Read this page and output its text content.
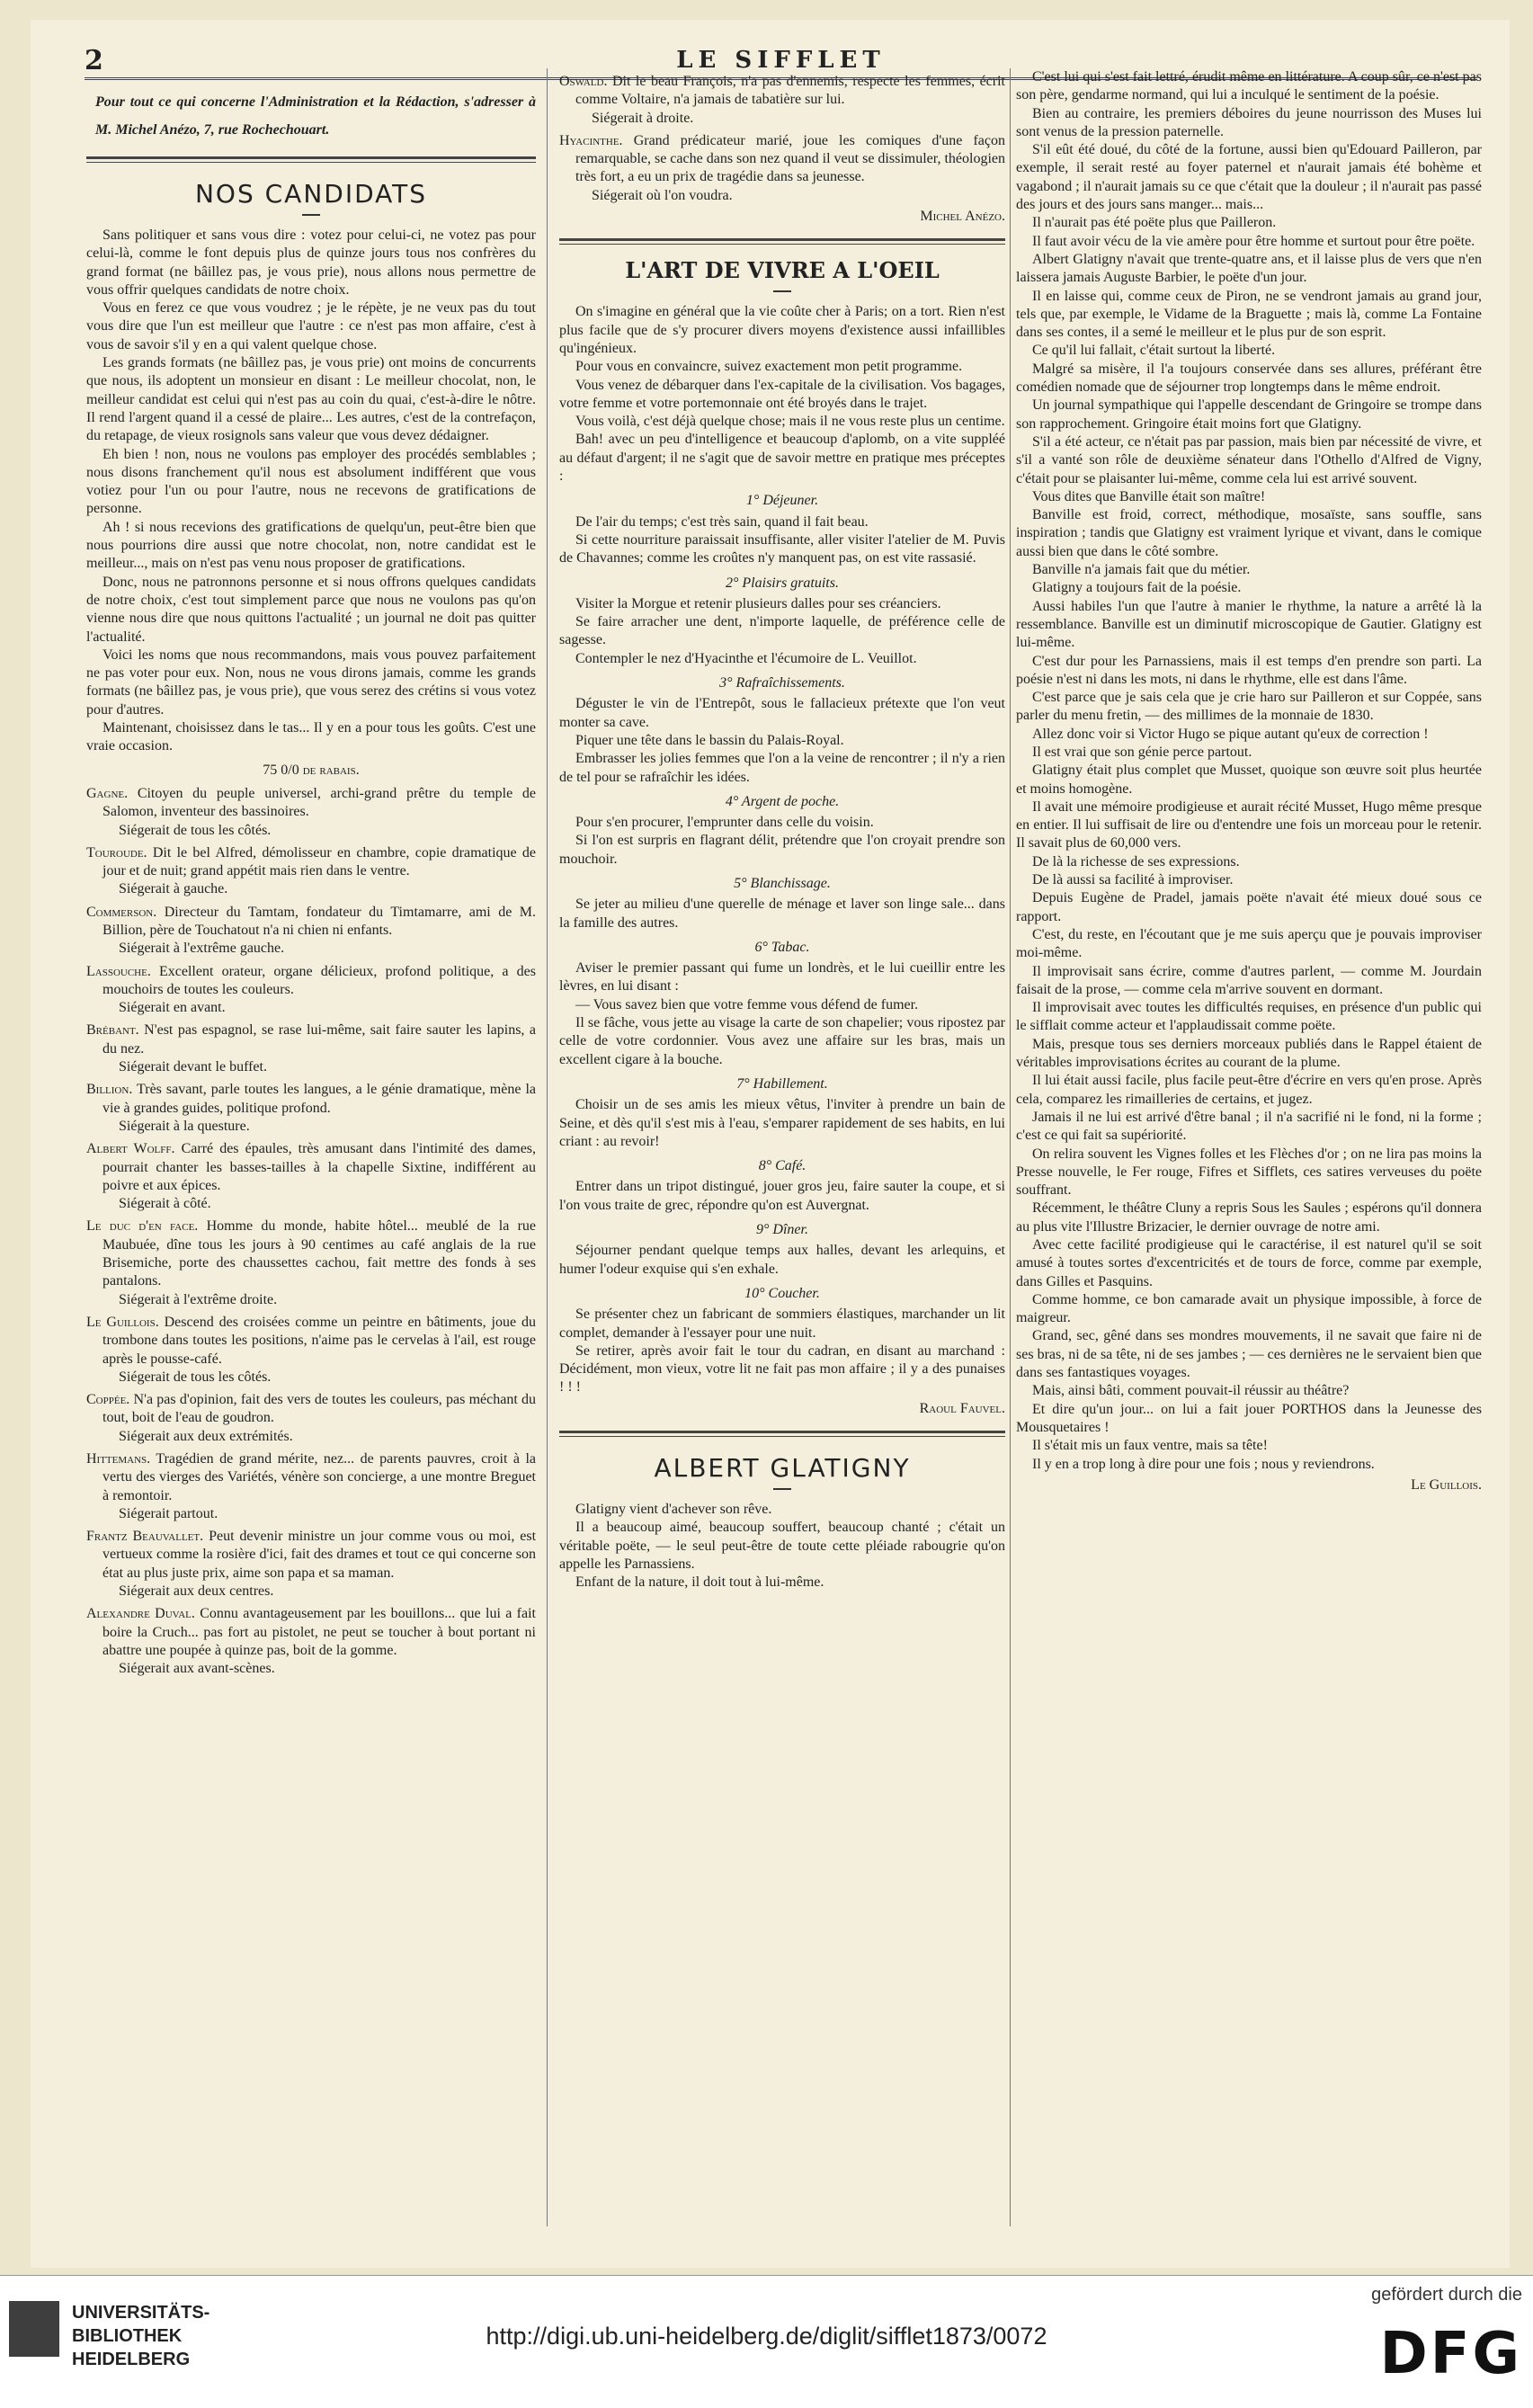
2	LE SIFFLET

Pour tout ce qui concerne l'Administration et la Rédaction, s'adresser à M. Michel Anézo, 7, rue Rochechouart.

NOS CANDIDATS

Sans politiquer et sans vous dire : votez pour celui-ci, ne votez pas pour celui-là, comme le font depuis plus de quinze jours tous nos confrères du grand format (ne bâillez pas, je vous prie), nous allons nous permettre de vous offrir quelques candidats de notre choix.

Vous en ferez ce que vous voudrez ; je le répète, je ne veux pas du tout vous dire que l'un est meilleur que l'autre : ce n'est pas mon affaire, c'est à vous de savoir s'il y en a qui valent quelque chose.

Les grands formats (ne bâillez pas, je vous prie) ont moins de concurrents que nous, ils adoptent un monsieur en disant : Le meilleur chocolat, non, le meilleur candidat est celui qui n'est pas au coin du quai, c'est-à-dire le nôtre. Il rend l'argent quand il a cessé de plaire... Les autres, c'est de la contrefaçon, du retapage, de vieux rosignols sans valeur que vous devez dédaigner.

Eh bien ! non, nous ne voulons pas employer des procédés semblables ; nous disons franchement qu'il nous est absolument indifférent que vous votiez pour l'un ou pour l'autre, nous ne recevons de gratifications de personne.

Ah ! si nous recevions des gratifications de quelqu'un, peut-être bien que nous pourrions dire aussi que notre chocolat, non, notre candidat est le meilleur..., mais on n'est pas venu nous proposer de gratifications.

Donc, nous ne patronnons personne et si nous offrons quelques candidats de notre choix, c'est tout simplement parce que nous ne voulons pas qu'on vienne nous dire que nous quittons l'actualité ; un journal ne doit pas quitter l'actualité.

Voici les noms que nous recommandons, mais vous pouvez parfaitement ne pas voter pour eux. Non, nous ne vous dirons jamais, comme les grands formats (ne bâillez pas, je vous prie), que vous serez des crétins si vous votez pour d'autres.

Maintenant, choisissez dans le tas... Il y en a pour tous les goûts. C'est une vraie occasion.

75 0/0 de rabais.

Gagne. Citoyen du peuple universel, archi-grand prêtre du temple de Salomon, inventeur des bassinoires.

Siégerait de tous les côtés.

Touroude. Dit le bel Alfred, démolisseur en chambre, copie dramatique de jour et de nuit; grand appétit mais rien dans le ventre.

Siégerait à gauche.

Commerson. Directeur du Tamtam, fondateur du Timtamarre, ami de M. Billion, père de Touchatout n'a ni chien ni enfants.

Siégerait à l'extrême gauche.

Lassouche. Excellent orateur, organe délicieux, profond politique, a des mouchoirs de toutes les couleurs.

Siégerait en avant.

Brébant. N'est pas espagnol, se rase lui-même, sait faire sauter les lapins, a du nez.

Siégerait devant le buffet.

Billion. Très savant, parle toutes les langues, a le génie dramatique, mène la vie à grandes guides, politique profond.

Siégerait à la questure.

Albert Wolff. Carré des épaules, très amusant dans l'intimité des dames, pourrait chanter les basses-tailles à la chapelle Sixtine, indifférent au poivre et aux épices.

Siégerait à côté.

Le duc d'en face. Homme du monde, habite hôtel... meublé de la rue Maubuée, dîne tous les jours à 90 centimes au café anglais de la rue Brisemiche, porte des chaussettes cachou, fait mettre des fonds à ses pantalons.

Siégerait à l'extrême droite.

Le Guillois. Descend des croisées comme un peintre en bâtiments, joue du trombone dans toutes les positions, n'aime pas le cervelas à l'ail, est rouge après le pousse-café.

Siégerait de tous les côtés.

Coppée. N'a pas d'opinion, fait des vers de toutes les couleurs, pas méchant du tout, boit de l'eau de goudron.

Siégerait aux deux extrémités.

Hittemans. Tragédien de grand mérite, nez... de parents pauvres, croit à la vertu des vierges des Variétés, vénère son concierge, a une montre Breguet à remontoir.

Siégerait partout.

Frantz Beauvallet. Peut devenir ministre un jour comme vous ou moi, est vertueux comme la rosière d'ici, fait des drames et tout ce qui concerne son état au plus juste prix, aime son papa et sa maman.

Siégerait aux deux centres.

Alexandre Duval. Connu avantageusement par les bouillons... que lui a fait boire la Cruch... pas fort au pistolet, ne peut se toucher à bout portant ni abattre une poupée à quinze pas, boit de la gomme.

Siégerait aux avant-scènes.

Oswald. Dit le beau François, n'a pas d'ennemis, respecte les femmes, écrit comme Voltaire, n'a jamais de tabatière sur lui.

Siégerait à droite.

Hyacinthe. Grand prédicateur marié, joue les comiques d'une façon remarquable, se cache dans son nez quand il veut se dissimuler, théologien très fort, a eu un prix de tragédie dans sa jeunesse.

Siégerait où l'on voudra.

Michel Anézo.
L'ART DE VIVRE A L'OEIL

On s'imagine en général que la vie coûte cher à Paris; on a tort. Rien n'est plus facile que de s'y procurer divers moyens d'existence aussi infaillibles qu'ingénieux.

Pour vous en convaincre, suivez exactement mon petit programme.

Vous venez de débarquer dans l'ex-capitale de la civilisation. Vos bagages, votre femme et votre portemonnaie ont été broyés dans le trajet.

Vous voilà, c'est déjà quelque chose; mais il ne vous reste plus un centime.

Bah! avec un peu d'intelligence et beaucoup d'aplomb, on a vite suppléé au défaut d'argent; il ne s'agit que de savoir mettre en pratique mes préceptes :

1° Déjeuner.

De l'air du temps; c'est très sain, quand il fait beau.

Si cette nourriture paraissait insuffisante, aller visiter l'atelier de M. Puvis de Chavannes; comme les croûtes n'y manquent pas, on est vite rassasié.

2° Plaisirs gratuits.

Visiter la Morgue et retenir plusieurs dalles pour ses créanciers.

Se faire arracher une dent, n'importe laquelle, de préférence celle de sagesse.

Contempler le nez d'Hyacinthe et l'écumoire de L. Veuillot.

3° Rafraîchissements.

Déguster le vin de l'Entrepôt, sous le fallacieux prétexte que l'on veut monter sa cave.

Piquer une tête dans le bassin du Palais-Royal.

Embrasser les jolies femmes que l'on a la veine de rencontrer ; il n'y a rien de tel pour se rafraîchir les idées.

4° Argent de poche.

Pour s'en procurer, l'emprunter dans celle du voisin.

Si l'on est surpris en flagrant délit, prétendre que l'on croyait prendre son mouchoir.

5° Blanchissage.

Se jeter au milieu d'une querelle de ménage et laver son linge sale... dans la famille des autres.

6° Tabac.

Aviser le premier passant qui fume un londrès, et le lui cueillir entre les lèvres, en lui disant :

— Vous savez bien que votre femme vous défend de fumer.

Il se fâche, vous jette au visage la carte de son chapelier; vous ripostez par celle de votre cordonnier. Vous avez une affaire sur les bras, mais un excellent cigare à la bouche.

7° Habillement.

Choisir un de ses amis les mieux vêtus, l'inviter à prendre un bain de Seine, et dès qu'il s'est mis à l'eau, s'emparer rapidement de ses habits, en lui criant : au revoir!

8° Café.

Entrer dans un tripot distingué, jouer gros jeu, faire sauter la coupe, et si l'on vous traite de grec, répondre qu'on est Auvergnat.

9° Dîner.

Séjourner pendant quelque temps aux halles, devant les arlequins, et humer l'odeur exquise qui s'en exhale.

10° Coucher.

Se présenter chez un fabricant de sommiers élastiques, marchander un lit complet, demander à l'essayer pour une nuit.

Se retirer, après avoir fait le tour du cadran, en disant au marchand : Décidément, mon vieux, votre lit ne fait pas mon affaire ; il y a des punaises ! ! !

Raoul Fauvel.
ALBERT GLATIGNY

Glatigny vient d'achever son rêve.

Il a beaucoup aimé, beaucoup souffert, beaucoup chanté ; c'était un véritable poëte, — le seul peut-être de toute cette pléiade rabougrie qu'on appelle les Parnassiens.

Enfant de la nature, il doit tout à lui-même.

C'est lui qui s'est fait lettré, érudit même en littérature. A coup sûr, ce n'est pas son père, gendarme normand, qui lui a inculqué le sentiment de la poésie.

Bien au contraire, les premiers déboires du jeune nourrisson des Muses lui sont venus de la pression paternelle.

S'il eût été doué, du côté de la fortune, aussi bien qu'Edouard Pailleron, par exemple, il serait resté au foyer paternel et n'aurait jamais été bohème et vagabond ; il n'aurait jamais su ce que c'était que la douleur ; il n'aurait pas passé des jours et des jours sans manger... mais...

Il n'aurait pas été poëte plus que Pailleron.

Il faut avoir vécu de la vie amère pour être homme et surtout pour être poëte.

Albert Glatigny n'avait que trente-quatre ans, et il laisse plus de vers que n'en laissera jamais Auguste Barbier, le poëte d'un jour.

Il en laisse qui, comme ceux de Piron, ne se vendront jamais au grand jour, tels que, par exemple, le Vidame de la Braguette ; mais là, comme La Fontaine dans ses contes, il a semé le meilleur et le plus pur de son esprit.

Ce qu'il lui fallait, c'était surtout la liberté.

Malgré sa misère, il l'a toujours conservée dans ses allures, préférant être comédien nomade que de séjourner trop longtemps dans le même endroit.

Un journal sympathique qui l'appelle descendant de Gringoire se trompe dans son rapprochement. Gringoire était moins fort que Glatigny.

S'il a été acteur, ce n'était pas par passion, mais bien par nécessité de vivre, et s'il a vanté son rôle de deuxième sénateur dans l'Othello d'Alfred de Vigny, c'était pour se plaisanter lui-même, comme cela lui est arrivé souvent.

Vous dites que Banville était son maître!

Banville est froid, correct, méthodique, mosaïste, sans souffle, sans inspiration ; tandis que Glatigny est vraiment lyrique et vivant, dans le comique aussi bien que dans le côté sombre.

Banville n'a jamais fait que du métier.

Glatigny a toujours fait de la poésie.

Aussi habiles l'un que l'autre à manier le rhythme, la nature a arrêté là la ressemblance. Banville est un diminutif microscopique de Gautier. Glatigny est lui-même.

C'est dur pour les Parnassiens, mais il est temps d'en prendre son parti. La poésie n'est ni dans les mots, ni dans le rhythme, elle est dans l'âme.

C'est parce que je sais cela que je crie haro sur Pailleron et sur Coppée, sans parler du menu fretin, — des millimes de la monnaie de 1830.

Allez donc voir si Victor Hugo se pique autant qu'eux de correction !

Il est vrai que son génie perce partout.

Glatigny était plus complet que Musset, quoique son œuvre soit plus heurtée et moins homogène.

Il avait une mémoire prodigieuse et aurait récité Musset, Hugo même presque en entier. Il lui suffisait de lire ou d'entendre une fois un morceau pour le retenir. Il savait plus de 60,000 vers.

De là la richesse de ses expressions.

De là aussi sa facilité à improviser.

Depuis Eugène de Pradel, jamais poëte n'avait été mieux doué sous ce rapport.

C'est, du reste, en l'écoutant que je me suis aperçu que je pouvais improviser moi-même.

Il improvisait sans écrire, comme d'autres parlent, — comme M. Jourdain faisait de la prose, — comme cela m'arrive souvent en dormant.

Il improvisait avec toutes les difficultés requises, en présence d'un public qui le sifflait comme acteur et l'applaudissait comme poëte.

Mais, presque tous ses derniers morceaux publiés dans le Rappel étaient de véritables improvisations écrites au courant de la plume.

Il lui était aussi facile, plus facile peut-être d'écrire en vers qu'en prose. Après cela, comparez les rimailleries de certains, et jugez.

Jamais il ne lui est arrivé d'être banal ; il n'a sacrifié ni le fond, ni la forme ; c'est ce qui fait sa supériorité.

On relira souvent les Vignes folles et les Flèches d'or ; on ne lira pas moins la Presse nouvelle, le Fer rouge, Fifres et Sifflets, ces satires verveuses du poëte souffrant.

Récemment, le théâtre Cluny a repris Sous les Saules ; espérons qu'il donnera au plus vite l'Illustre Brizacier, le dernier ouvrage de notre ami.

Avec cette facilité prodigieuse qui le caractérise, il est naturel qu'il se soit amusé à toutes sortes d'excentricités et de tours de force, comme par exemple, dans Gilles et Pasquins.

Comme homme, ce bon camarade avait un physique impossible, à force de maigreur.

Grand, sec, gêné dans ses mondres mouvements, il ne savait que faire ni de ses bras, ni de sa tête, ni de ses jambes ; — ces dernières ne le servaient bien que dans ses fantastiques voyages.

Mais, ainsi bâti, comment pouvait-il réussir au théâtre?

Et dire qu'un jour... on lui a fait jouer PORTHOS dans la Jeunesse des Mousquetaires !

Il s'était mis un faux ventre, mais sa tête!

Il y en a trop long à dire pour une fois ; nous y reviendrons.

Le Guillois.
UNIVERSITÄTS-
BIBLIOTHEK
HEIDELBERG
http://digi.ub.uni-heidelberg.de/diglit/sifflet1873/0072
gefördert durch die
DFG
